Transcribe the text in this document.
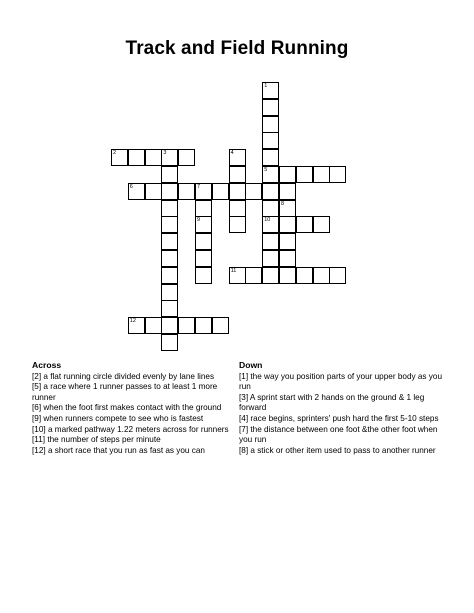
Track and Field Running
1
5
10
2	3	4
6	7
9
8
11
12
Across
[2] a flat running circle divided evenly by lane lines
[5] a race where 1 runner passes to at least 1 more runner
[6] when the foot first makes contact with the ground
[9] when runners compete to see who is fastest
[10] a marked pathway 1.22 meters across for runners
[11] the number of steps per minute
[12] a short race that you run as fast as you can
Down
[1] the way you position parts of your upper body as you run
[3] A sprint start with 2 hands on the ground & 1 leg forward
[4] race begins, sprinters' push hard the first 5-10 steps
[7] the distance between one foot &the other foot when you run
[8] a stick or other item used to pass to another runner
